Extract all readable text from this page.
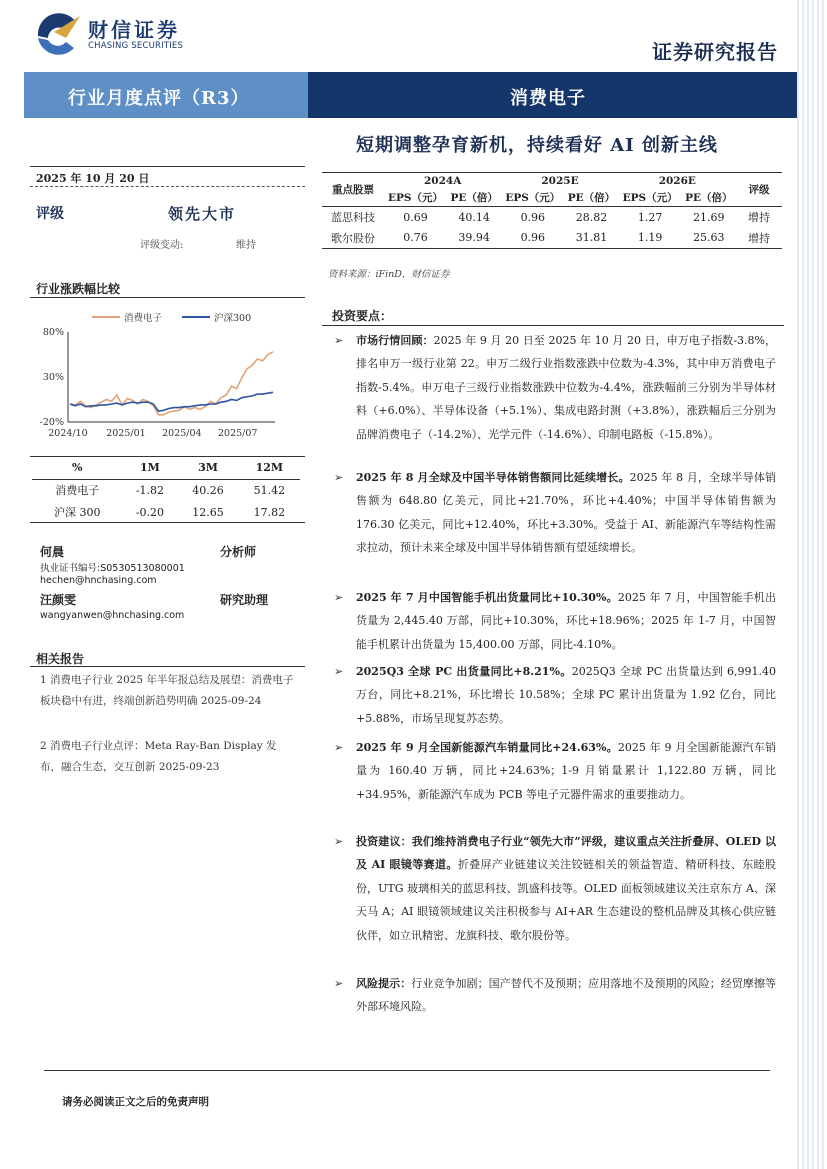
财信证券
CHASING SECURITIES	证券研究报告
行业月度点评（R3）	消费电子
短期调整孕育新机，持续看好 AI 创新主线
2025 年 10 月 20 日
评级	领先大市
评级变动:	维持
行业涨跌幅比较
消费电子	沪深300
80%
30%
-20%
2024/10 2025/01 2025/04 2025/07
%	1M	3M	12M
消费电子	-1.82	40.26	51.42
沪深 300	-0.20	12.65	17.82
何晨	分析师
执业证书编号:S0530513080001
hechen@hnchasing.com
汪颜雯	研究助理
wangyanwen@hnchasing.com
相关报告
1 消费电子行业 2025 年半年报总结及展望：消费电子板块稳中有进，终端创新趋势明确 2025-09-24
2 消费电子行业点评：Meta Ray-Ban Display 发布，融合生态，交互创新 2025-09-23
重点股票	2024A		2025E		2026E		评级
	EPS（元）	PE（倍）	EPS（元）	PE（倍）	EPS（元）	PE（倍）	
蓝思科技	0.69	40.14	0.96	28.82	1.27	21.69	增持
歌尔股份	0.76	39.94	0.96	31.81	1.19	25.63	增持
资料来源：iFinD，财信证券
投资要点：
➢	市场行情回顾：2025 年 9 月 20 日至 2025 年 10 月 20 日，申万电子指数-3.8%，排名申万一级行业第 22。申万二级行业指数涨跌中位数为-4.3%，其中申万消费电子指数-5.4%。申万电子三级行业指数涨跌中位数为-4.4%，涨跌幅前三分别为半导体材料（+6.0%）、半导体设备（+5.1%）、集成电路封测（+3.8%），涨跌幅后三分别为品牌消费电子（-14.2%）、光学元件（-14.6%）、印制电路板（-15.8%）。
➢	2025 年 8 月全球及中国半导体销售额同比延续增长。2025 年 8 月，全球半导体销售额为 648.80 亿美元，同比+21.70%，环比+4.40%；中国半导体销售额为 176.30 亿美元，同比+12.40%，环比+3.30%。受益于 AI、新能源汽车等结构性需求拉动，预计未来全球及中国半导体销售额有望延续增长。
➢	2025 年 7 月中国智能手机出货量同比+10.30%。2025 年 7 月，中国智能手机出货量为 2,445.40 万部，同比+10.30%，环比+18.96%；2025 年 1-7 月，中国智能手机累计出货量为 15,400.00 万部，同比-4.10%。
➢	2025Q3 全球 PC 出货量同比+8.21%。2025Q3 全球 PC 出货量达到 6,991.40 万台，同比+8.21%，环比增长 10.58%；全球 PC 累计出货量为 1.92 亿台，同比+5.88%，市场呈现复苏态势。
➢	2025 年 9 月全国新能源汽车销量同比+24.63%。2025 年 9 月全国新能源汽车销量为 160.40 万辆，同比+24.63%；1-9 月销量累计 1,122.80 万辆，同比+34.95%，新能源汽车成为 PCB 等电子元器件需求的重要推动力。
➢	投资建议：我们维持消费电子行业“领先大市”评级，建议重点关注折叠屏、OLED 以及 AI 眼镜等赛道。折叠屏产业链建议关注铰链相关的领益智造、精研科技、东睦股份，UTG 玻璃相关的蓝思科技、凯盛科技等。OLED 面板领域建议关注京东方 A、深天马 A；AI 眼镜领域建议关注积极参与 AI+AR 生态建设的整机品牌及其核心供应链伙伴，如立讯精密、龙旗科技、歌尔股份等。
➢	风险提示：行业竞争加剧；国产替代不及预期；应用落地不及预期的风险；经贸摩擦等外部环境风险。
请务必阅读正文之后的免责声明
